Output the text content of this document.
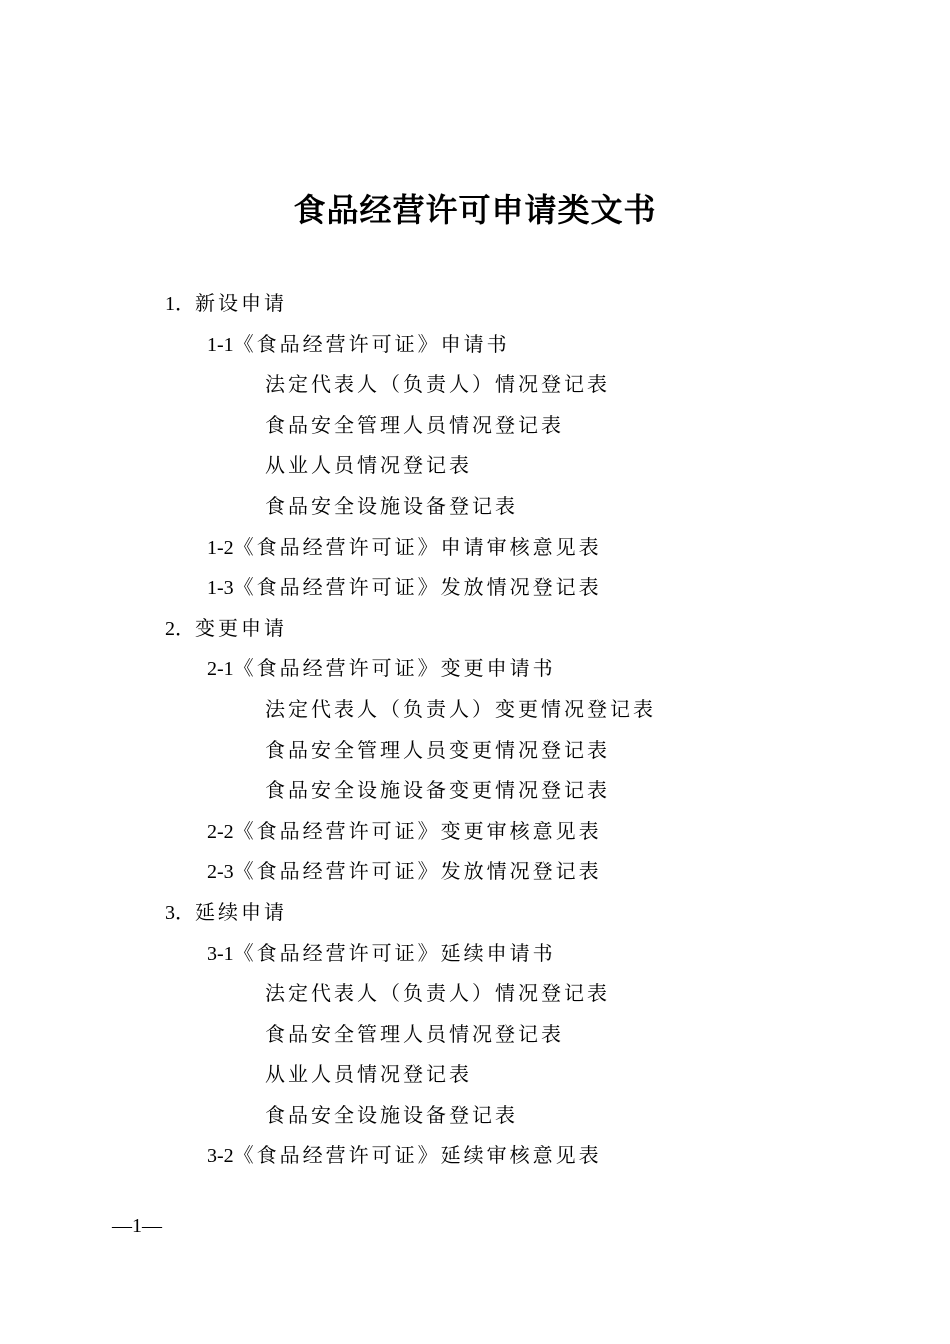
食品经营许可申请类文书
1．新设申请
1-1《食品经营许可证》申请书
法定代表人（负责人）情况登记表
食品安全管理人员情况登记表
从业人员情况登记表
食品安全设施设备登记表
1-2《食品经营许可证》申请审核意见表
1-3《食品经营许可证》发放情况登记表
2．变更申请
2-1《食品经营许可证》变更申请书
法定代表人（负责人）变更情况登记表
食品安全管理人员变更情况登记表
食品安全设施设备变更情况登记表
2-2《食品经营许可证》变更审核意见表
2-3《食品经营许可证》发放情况登记表
3．延续申请
3-1《食品经营许可证》延续申请书
法定代表人（负责人）情况登记表
食品安全管理人员情况登记表
从业人员情况登记表
食品安全设施设备登记表
3-2《食品经营许可证》延续审核意见表
—1—
